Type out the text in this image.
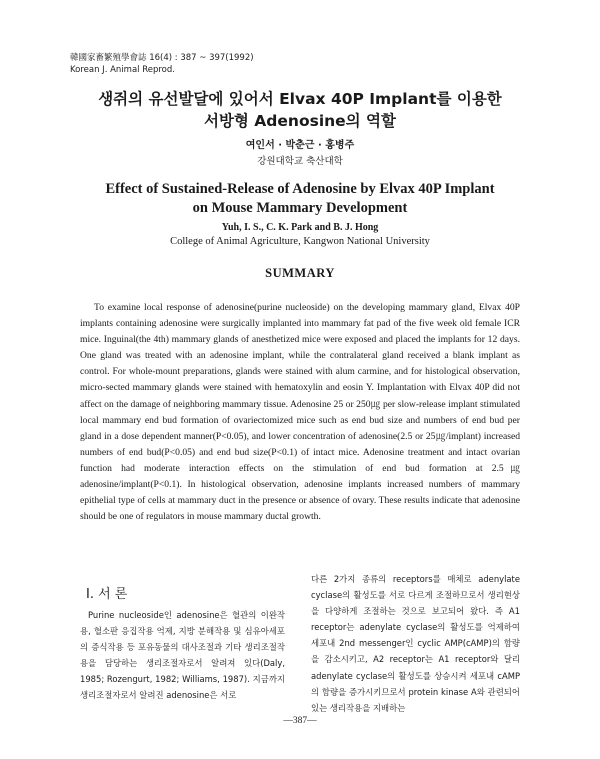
韓國家畜繁殖學會誌 16(4) : 387 ~ 397(1992)
Korean J. Animal Reprod.
생쥐의 유선발달에 있어서 Elvax 40P Implant를 이용한
서방형 Adenosine의 역할
여인서 · 박춘근 · 홍병주
강원대학교 축산대학
Effect of Sustained-Release of Adenosine by Elvax 40P Implant
on Mouse Mammary Development
Yuh, I. S., C. K. Park and B. J. Hong
College of Animal Agriculture, Kangwon National University
SUMMARY

To examine local response of adenosine(purine nucleoside) on the developing mammary gland, Elvax 40P implants containing adenosine were surgically implanted into mammary fat pad of the five week old female ICR mice. Inguinal(the 4th) mammary glands of anesthetized mice were exposed and placed the implants for 12 days. One gland was treated with an adenosine implant, while the contralateral gland received a blank implant as control. For whole-mount preparations, glands were stained with alum carmine, and for histological observation, micro-sected mammary glands were stained with hematoxylin and eosin Y. Implantation with Elvax 40P did not affect on the damage of neighboring mammary tissue. Adenosine 25 or 250㎍ per slow-release implant stimulated local mammary end bud formation of ovariectomized mice such as end bud size and numbers of end bud per gland in a dose dependent manner(P<0.05), and lower concentration of adenosine(2.5 or 25㎍/implant) increased numbers of end bud(P<0.05) and end bud size(P<0.1) of intact mice. Adenosine treatment and intact ovarian function had moderate interaction effects on the stimulation of end bud formation at 2.5㎍ adenosine/implant(P<0.1). In histological observation, adenosine implants increased numbers of mammary epithelial type of cells at mammary duct in the presence or absence of ovary. These results indicate that adenosine should be one of regulators in mouse mammary ductal growth.

Ⅰ. 서 론

Purine nucleoside인 adenosine은 혈관의 이완작용, 혈소판 응집작용 억제, 지방 분해작용 및 심유아세포의 증식작용 등 포유동물의 대사조절과 기타 생리조절작용을 담당하는 생리조절자로서 알려져 있다(Daly, 1985; Rozengurt, 1982; Williams, 1987). 지금까지 생리조절자로서 알려진 adenosine은 서로

다른 2가지 종류의 receptors를 매체로 adenylate cyclase의 활성도를 서로 다르게 조절하므로서 생리현상을 다양하게 조절하는 것으로 보고되어 왔다. 즉 A1 receptor는 adenylate cyclase의 활성도를 억제하여 세포내 2nd messenger인 cyclic AMP(cAMP)의 함량을 감소시키고, A2 receptor는 A1 receptor와 달리 adenylate cyclase의 활성도를 상승시켜 세포내 cAMP의 함량을 증가시키므로서 protein kinase A와 관련되어 있는 생리작용을 지배하는

—387—
